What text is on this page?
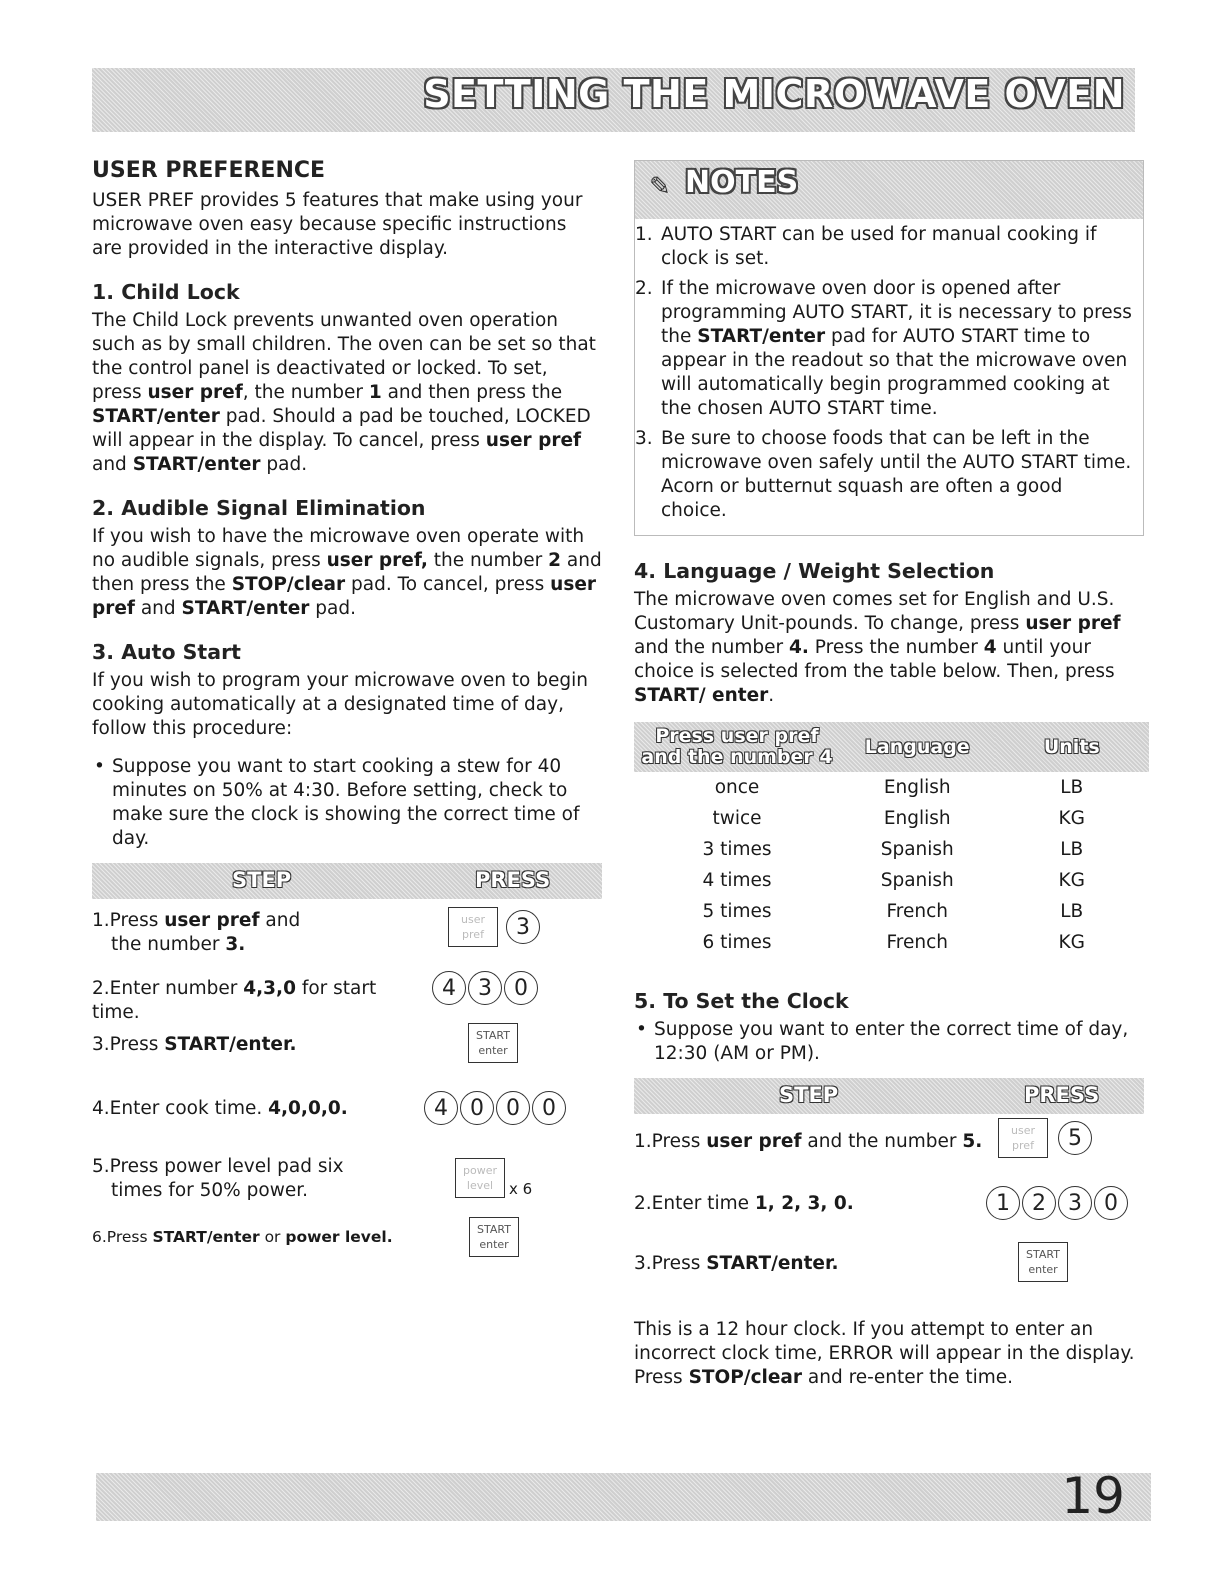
SETTING THE MICROWAVE OVEN
USER PREFERENCE

USER PREF provides 5 features that make using your microwave oven easy because specific instructions are provided in the interactive display.

1. Child Lock

The Child Lock prevents unwanted oven operation such as by small children. The oven can be set so that the control panel is deactivated or locked. To set, press user pref, the number 1 and then press the START/enter pad. Should a pad be touched, LOCKED will appear in the display. To cancel, press user pref and START/enter pad.

2. Audible Signal Elimination

If you wish to have the microwave oven operate with no audible signals, press user pref, the number 2 and then press the STOP/clear pad. To cancel, press user pref and START/enter pad.

3. Auto Start

If you wish to program your microwave oven to begin cooking automatically at a designated time of day, follow this procedure:

• Suppose you want to start cooking a stew for 40 minutes on 50% at 4:30. Before setting, check to make sure the clock is showing the correct time of day.

STEP	PRESS
1.Press user pref and
the number 3.
user
pref	3
2.Enter number 4,3,0 for start time.
4	3	0
3.Press START/enter.	START
enter
4.Enter cook time. 4,0,0,0.	4	0	0	0
5.Press power level pad six
times for 50% power.
power
level	x 6
6.Press START/enter or power level.	START
enter
✎ NOTES
1. AUTO START can be used for manual cooking if clock is set.
2. If the microwave oven door is opened after programming AUTO START, it is necessary to press the START/enter pad for AUTO START time to appear in the readout so that the microwave oven will automatically begin programmed cooking at the chosen AUTO START time.
3. Be sure to choose foods that can be left in the microwave oven safely until the AUTO START time. Acorn or butternut squash are often a good choice.
4. Language / Weight Selection

The microwave oven comes set for English and U.S. Customary Unit-pounds. To change, press user pref and the number 4. Press the number 4 until your choice is selected from the table below. Then, press START/ enter.

Press user pref
and the number 4	Language	Units
once	English	LB
twice	English	KG
3 times	Spanish	LB
4 times	Spanish	KG
5 times	French	LB
6 times	French	KG
5. To Set the Clock

• Suppose you want to enter the correct time of day, 12:30 (AM or PM).

STEP	PRESS
1.Press user pref and the number 5.
user
pref	5
2.Enter time 1, 2, 3, 0.	1	2	3	0
3.Press START/enter.	START
enter

This is a 12 hour clock. If you attempt to enter an incorrect clock time, ERROR will appear in the display. Press STOP/clear and re-enter the time.

19
